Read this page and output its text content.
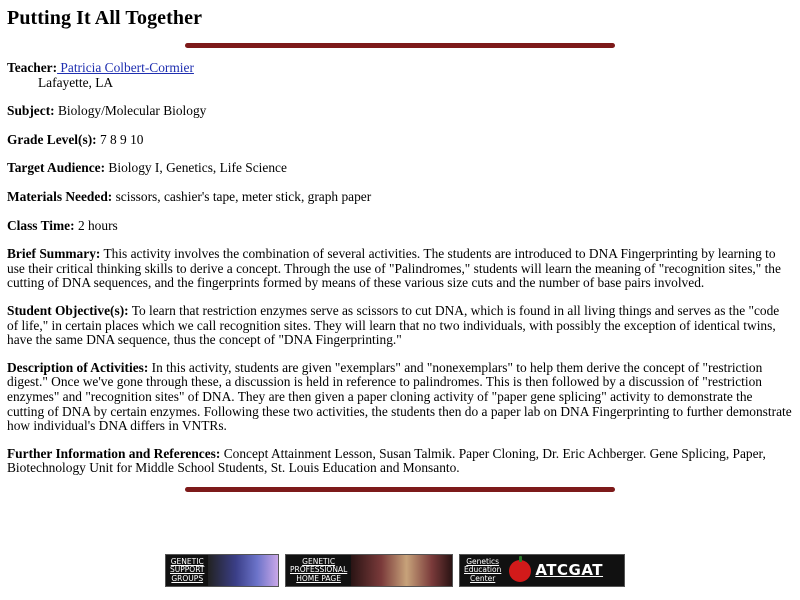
Putting It All Together

Teacher: Patricia Colbert-Cormier

Lafayette, LA

Subject: Biology/Molecular Biology

Grade Level(s): 7 8 9 10

Target Audience: Biology I, Genetics, Life Science

Materials Needed: scissors, cashier's tape, meter stick, graph paper

Class Time: 2 hours

Brief Summary: This activity involves the combination of several activities. The students are introduced to DNA Fingerprinting by learning to use their critical thinking skills to derive a concept. Through the use of "Palindromes," students will learn the meaning of "recognition sites," the cutting of DNA sequences, and the fingerprints formed by means of these various size cuts and the number of base pairs involved.

Student Objective(s): To learn that restriction enzymes serve as scissors to cut DNA, which is found in all living things and serves as the "code of life," in certain places which we call recognition sites. They will learn that no two individuals, with possibly the exception of identical twins, have the same DNA sequence, thus the concept of "DNA Fingerprinting."

Description of Activities: In this activity, students are given "exemplars" and "nonexemplars" to help them derive the concept of "restriction digest." Once we've gone through these, a discussion is held in reference to palindromes. This is then followed by a discussion of "restriction enzymes" and "recognition sites" of DNA. They are then given a paper cloning activity of "paper gene splicing" activity to demonstrate the cutting of DNA by certain enzymes. Following these two activities, the students then do a paper lab on DNA Fingerprinting to further demonstrate how individual's DNA differs in VNTRs.

Further Information and References: Concept Attainment Lesson, Susan Talmik. Paper Cloning, Dr. Eric Achberger. Gene Splicing, Paper, Biotechnology Unit for Middle School Students, St. Louis Education and Monsanto.

GENETIC
SUPPORT
GROUPS
GENETIC
PROFESSIONAL
HOME PAGE
Genetics
Education
Center	ATCGAT
